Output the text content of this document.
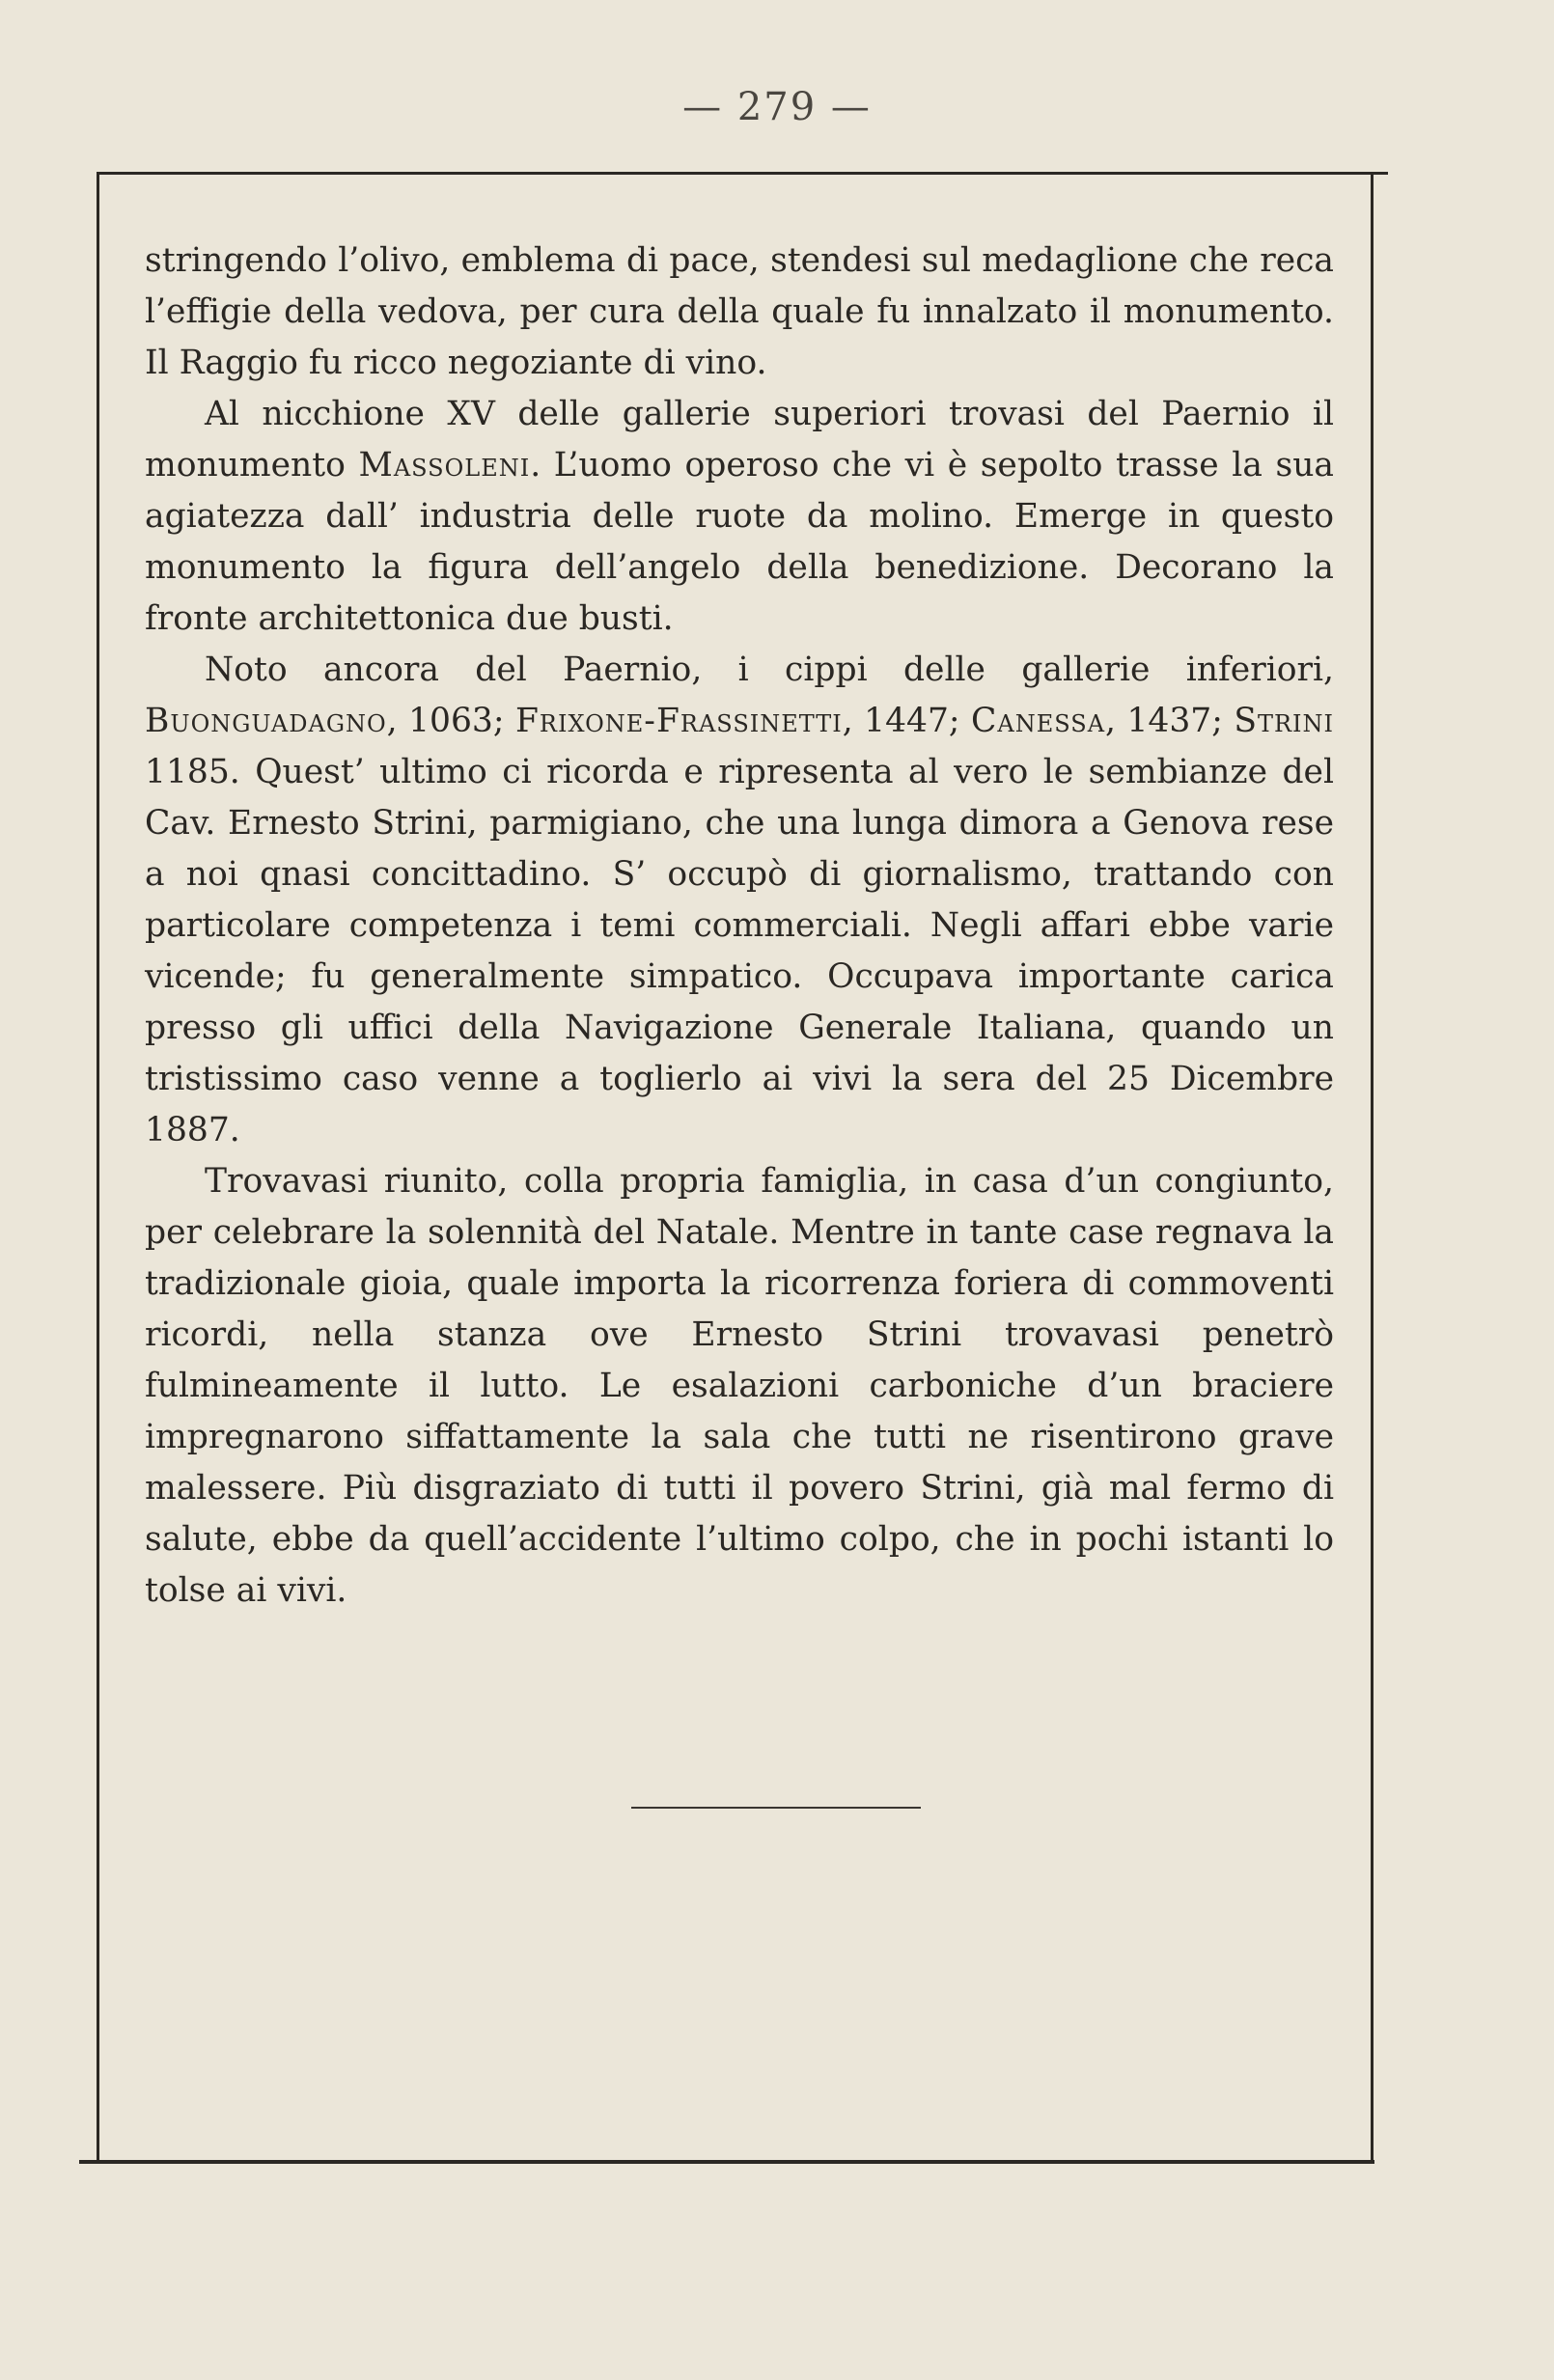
— 279 —

stringendo l’olivo, emblema di pace, stendesi sul medaglione che reca l’effigie della vedova, per cura della quale fu innalzato il monumento. Il Raggio fu ricco negoziante di vino.

Al nicchione XV delle gallerie superiori trovasi del Paernio il monumento Massoleni. L’uomo operoso che vi è sepolto trasse la sua agiatezza dall’ industria delle ruote da molino. Emerge in questo monumento la figura dell’angelo della benedizione. Decorano la fronte architettonica due busti.

Noto ancora del Paernio, i cippi delle gallerie inferiori, Buonguadagno, 1063; Frixone-Frassinetti, 1447; Canessa, 1437; Strini 1185. Quest’ ultimo ci ricorda e ripresenta al vero le sembianze del Cav. Ernesto Strini, parmigiano, che una lunga dimora a Genova rese a noi qnasi concittadino. S’ occupò di giornalismo, trattando con particolare competenza i temi commerciali. Negli affari ebbe varie vicende; fu generalmente simpatico. Occupava importante carica presso gli uffici della Navigazione Generale Italiana, quando un tristissimo caso venne a toglierlo ai vivi la sera del 25 Dicembre 1887.

Trovavasi riunito, colla propria famiglia, in casa d’un congiunto, per celebrare la solennità del Natale. Mentre in tante case regnava la tradizionale gioia, quale importa la ricorrenza foriera di commoventi ricordi, nella stanza ove Ernesto Strini trovavasi penetrò fulmineamente il lutto. Le esalazioni carboniche d’un braciere impregnarono siffattamente la sala che tutti ne risentirono grave malessere. Più disgraziato di tutti il povero Strini, già mal fermo di salute, ebbe da quell’accidente l’ultimo colpo, che in pochi istanti lo tolse ai vivi.
